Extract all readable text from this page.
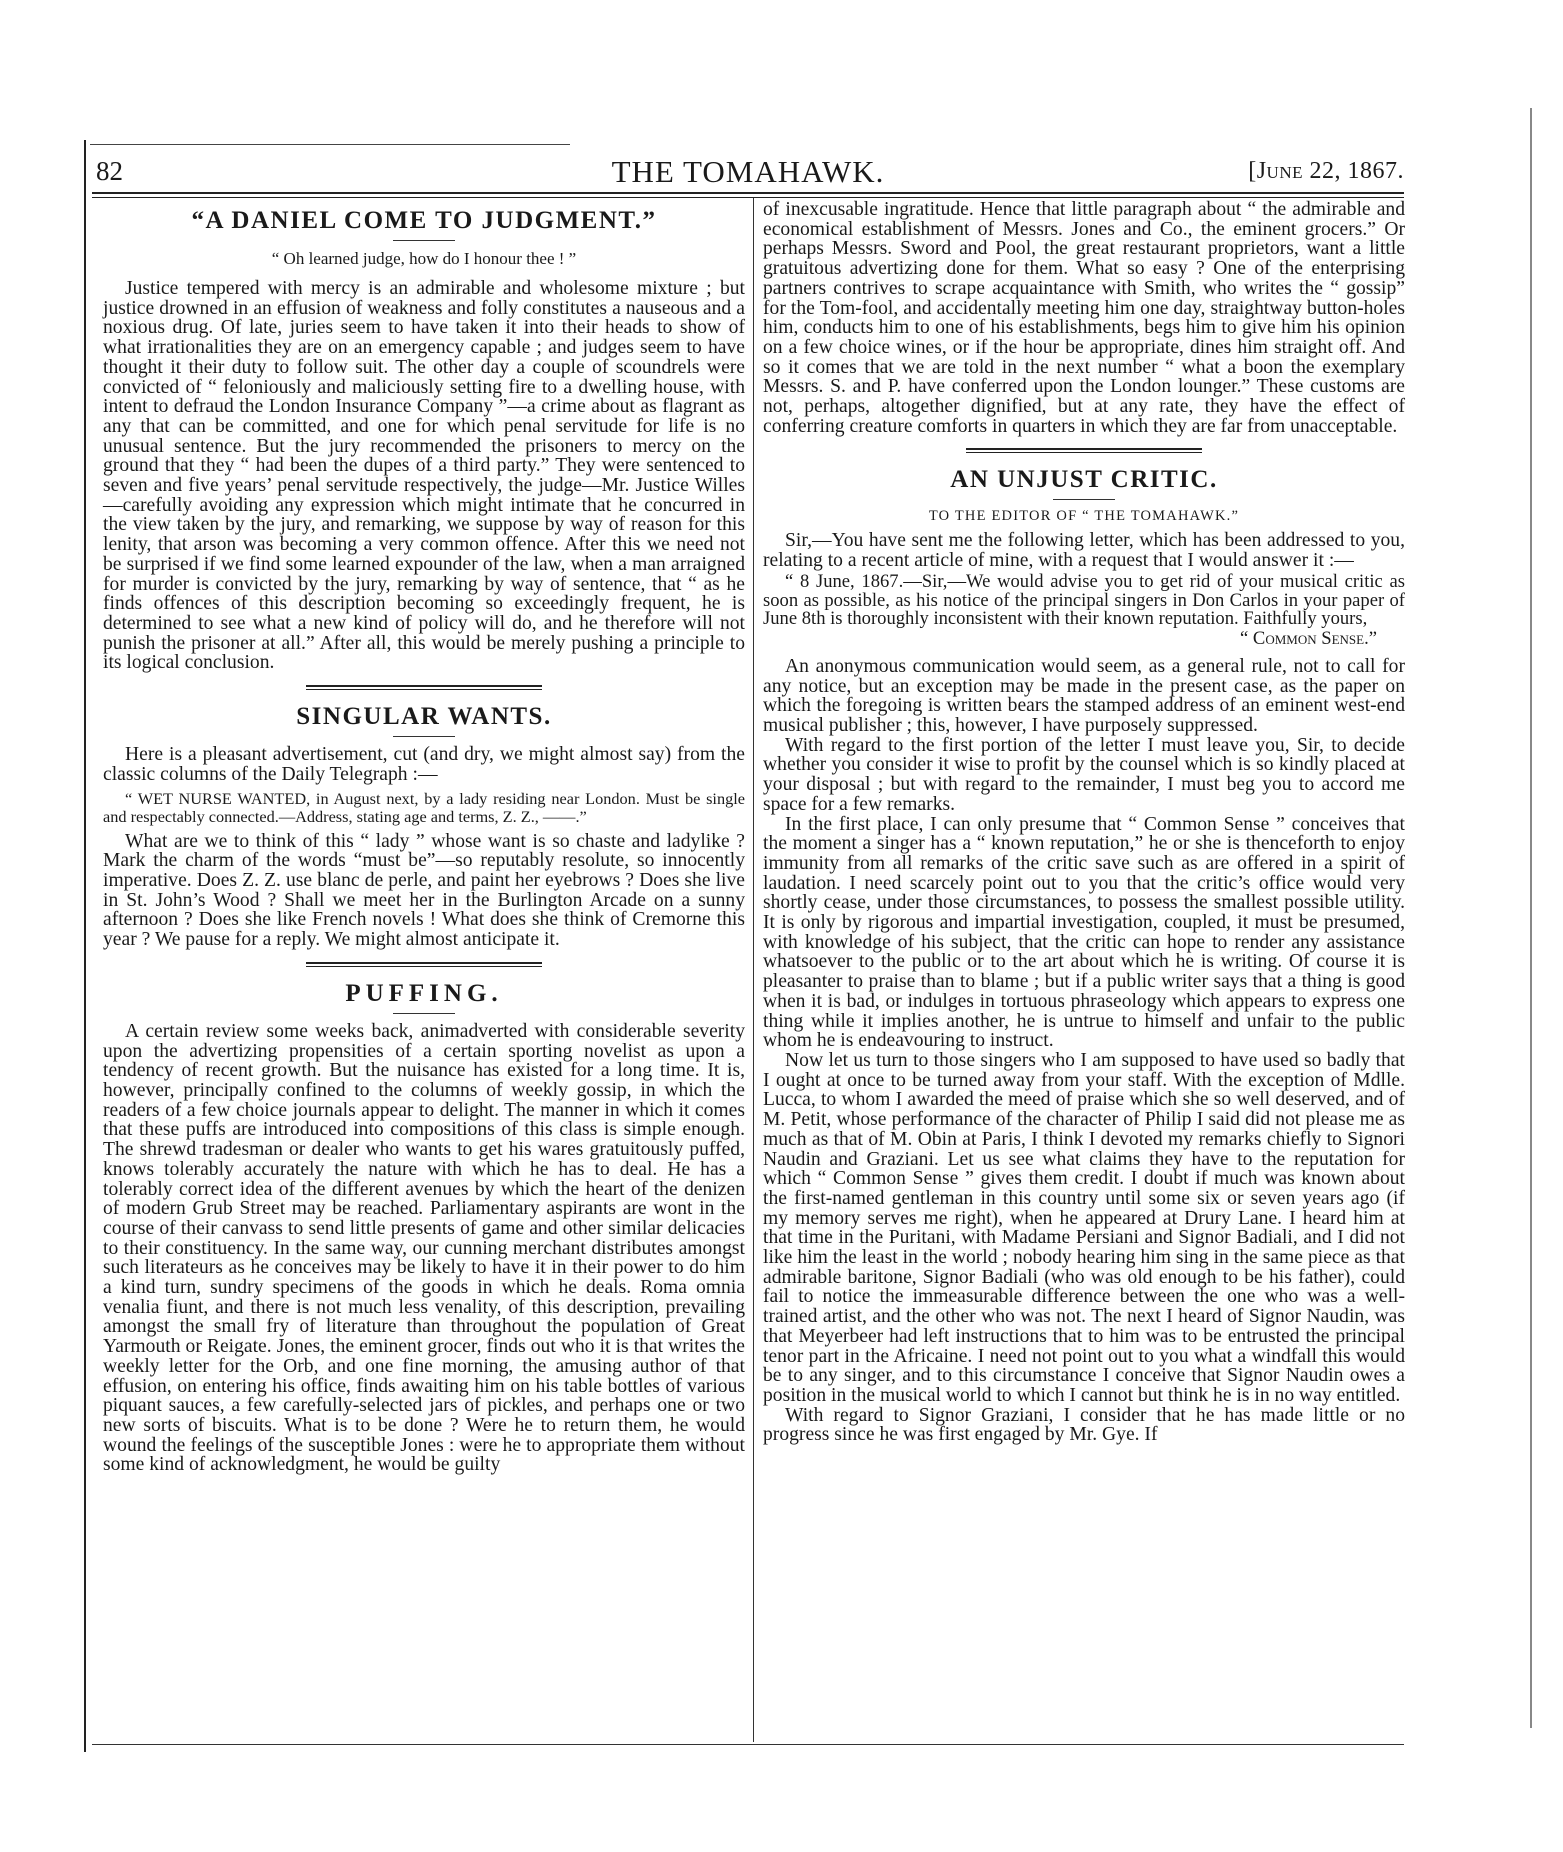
82	THE TOMAHAWK.	[June 22, 1867.
“A DANIEL COME TO JUDGMENT.”

“ Oh learned judge, how do I honour thee ! ”

Justice tempered with mercy is an admirable and wholesome mixture ; but justice drowned in an effusion of weakness and folly constitutes a nauseous and a noxious drug. Of late, juries seem to have taken it into their heads to show of what irrationalities they are on an emergency capable ; and judges seem to have thought it their duty to follow suit. The other day a couple of scoundrels were convicted of “ feloniously and maliciously setting fire to a dwelling house, with intent to defraud the London Insurance Company ”—a crime about as flagrant as any that can be committed, and one for which penal servitude for life is no unusual sentence. But the jury recommended the prisoners to mercy on the ground that they “ had been the dupes of a third party.” They were sentenced to seven and five years’ penal servitude respectively, the judge—Mr. Justice Willes—carefully avoiding any expression which might intimate that he concurred in the view taken by the jury, and remarking, we suppose by way of reason for this lenity, that arson was becoming a very common offence. After this we need not be surprised if we find some learned expounder of the law, when a man arraigned for murder is convicted by the jury, remarking by way of sentence, that “ as he finds offences of this description becoming so exceedingly frequent, he is determined to see what a new kind of policy will do, and he therefore will not punish the prisoner at all.” After all, this would be merely pushing a principle to its logical conclusion.

SINGULAR WANTS.

Here is a pleasant advertisement, cut (and dry, we might almost say) from the classic columns of the Daily Telegraph :—

“ WET NURSE WANTED, in August next, by a lady residing near London. Must be single and respectably connected.—Address, stating age and terms, Z. Z., ——.”

What are we to think of this “ lady ” whose want is so chaste and ladylike ? Mark the charm of the words “must be”—so reputably resolute, so innocently imperative. Does Z. Z. use blanc de perle, and paint her eyebrows ? Does she live in St. John’s Wood ? Shall we meet her in the Burlington Arcade on a sunny afternoon ? Does she like French novels ! What does she think of Cremorne this year ? We pause for a reply. We might almost anticipate it.

PUFFING.

A certain review some weeks back, animadverted with considerable severity upon the advertizing propensities of a certain sporting novelist as upon a tendency of recent growth. But the nuisance has existed for a long time. It is, however, principally confined to the columns of weekly gossip, in which the readers of a few choice journals appear to delight. The manner in which it comes that these puffs are introduced into compositions of this class is simple enough. The shrewd tradesman or dealer who wants to get his wares gratuitously puffed, knows tolerably accurately the nature with which he has to deal. He has a tolerably correct idea of the different avenues by which the heart of the denizen of modern Grub Street may be reached. Parliamentary aspirants are wont in the course of their canvass to send little presents of game and other similar delicacies to their constituency. In the same way, our cunning merchant distributes amongst such literateurs as he conceives may be likely to have it in their power to do him a kind turn, sundry specimens of the goods in which he deals. Roma omnia venalia fiunt, and there is not much less venality, of this description, prevailing amongst the small fry of literature than throughout the population of Great Yarmouth or Reigate. Jones, the eminent grocer, finds out who it is that writes the weekly letter for the Orb, and one fine morning, the amusing author of that effusion, on entering his office, finds awaiting him on his table bottles of various piquant sauces, a few carefully-selected jars of pickles, and perhaps one or two new sorts of biscuits. What is to be done ? Were he to return them, he would wound the feelings of the susceptible Jones : were he to appropriate them without some kind of acknowledgment, he would be guilty

of inexcusable ingratitude. Hence that little paragraph about “ the admirable and economical establishment of Messrs. Jones and Co., the eminent grocers.” Or perhaps Messrs. Sword and Pool, the great restaurant proprietors, want a little gratuitous advertizing done for them. What so easy ? One of the enterprising partners contrives to scrape acquaintance with Smith, who writes the “ gossip” for the Tom-fool, and accidentally meeting him one day, straightway button-holes him, conducts him to one of his establishments, begs him to give him his opinion on a few choice wines, or if the hour be appropriate, dines him straight off. And so it comes that we are told in the next number “ what a boon the exemplary Messrs. S. and P. have conferred upon the London lounger.” These customs are not, perhaps, altogether dignified, but at any rate, they have the effect of conferring creature comforts in quarters in which they are far from unacceptable.

AN UNJUST CRITIC.
TO THE EDITOR OF “ THE TOMAHAWK.”

Sir,—You have sent me the following letter, which has been addressed to you, relating to a recent article of mine, with a request that I would answer it :—

“ 8 June, 1867.—Sir,—We would advise you to get rid of your musical critic as soon as possible, as his notice of the principal singers in Don Carlos in your paper of June 8th is thoroughly inconsistent with their known reputation. Faithfully yours,

“ Common Sense.”

An anonymous communication would seem, as a general rule, not to call for any notice, but an exception may be made in the present case, as the paper on which the foregoing is written bears the stamped address of an eminent west-end musical publisher ; this, however, I have purposely suppressed.

With regard to the first portion of the letter I must leave you, Sir, to decide whether you consider it wise to profit by the counsel which is so kindly placed at your disposal ; but with regard to the remainder, I must beg you to accord me space for a few remarks.

In the first place, I can only presume that “ Common Sense ” conceives that the moment a singer has a “ known reputation,” he or she is thenceforth to enjoy immunity from all remarks of the critic save such as are offered in a spirit of laudation. I need scarcely point out to you that the critic’s office would very shortly cease, under those circumstances, to possess the smallest possible utility. It is only by rigorous and impartial investigation, coupled, it must be presumed, with knowledge of his subject, that the critic can hope to render any assistance whatsoever to the public or to the art about which he is writing. Of course it is pleasanter to praise than to blame ; but if a public writer says that a thing is good when it is bad, or indulges in tortuous phraseology which appears to express one thing while it implies another, he is untrue to himself and unfair to the public whom he is endeavouring to instruct.

Now let us turn to those singers who I am supposed to have used so badly that I ought at once to be turned away from your staff. With the exception of Mdlle. Lucca, to whom I awarded the meed of praise which she so well deserved, and of M. Petit, whose performance of the character of Philip I said did not please me as much as that of M. Obin at Paris, I think I devoted my remarks chiefly to Signori Naudin and Graziani. Let us see what claims they have to the reputation for which “ Common Sense ” gives them credit. I doubt if much was known about the first-named gentleman in this country until some six or seven years ago (if my memory serves me right), when he appeared at Drury Lane. I heard him at that time in the Puritani, with Madame Persiani and Signor Badiali, and I did not like him the least in the world ; nobody hearing him sing in the same piece as that admirable baritone, Signor Badiali (who was old enough to be his father), could fail to notice the immeasurable difference between the one who was a well-trained artist, and the other who was not. The next I heard of Signor Naudin, was that Meyerbeer had left instructions that to him was to be entrusted the principal tenor part in the Africaine. I need not point out to you what a windfall this would be to any singer, and to this circumstance I conceive that Signor Naudin owes a position in the musical world to which I cannot but think he is in no way entitled.

With regard to Signor Graziani, I consider that he has made little or no progress since he was first engaged by Mr. Gye. If
